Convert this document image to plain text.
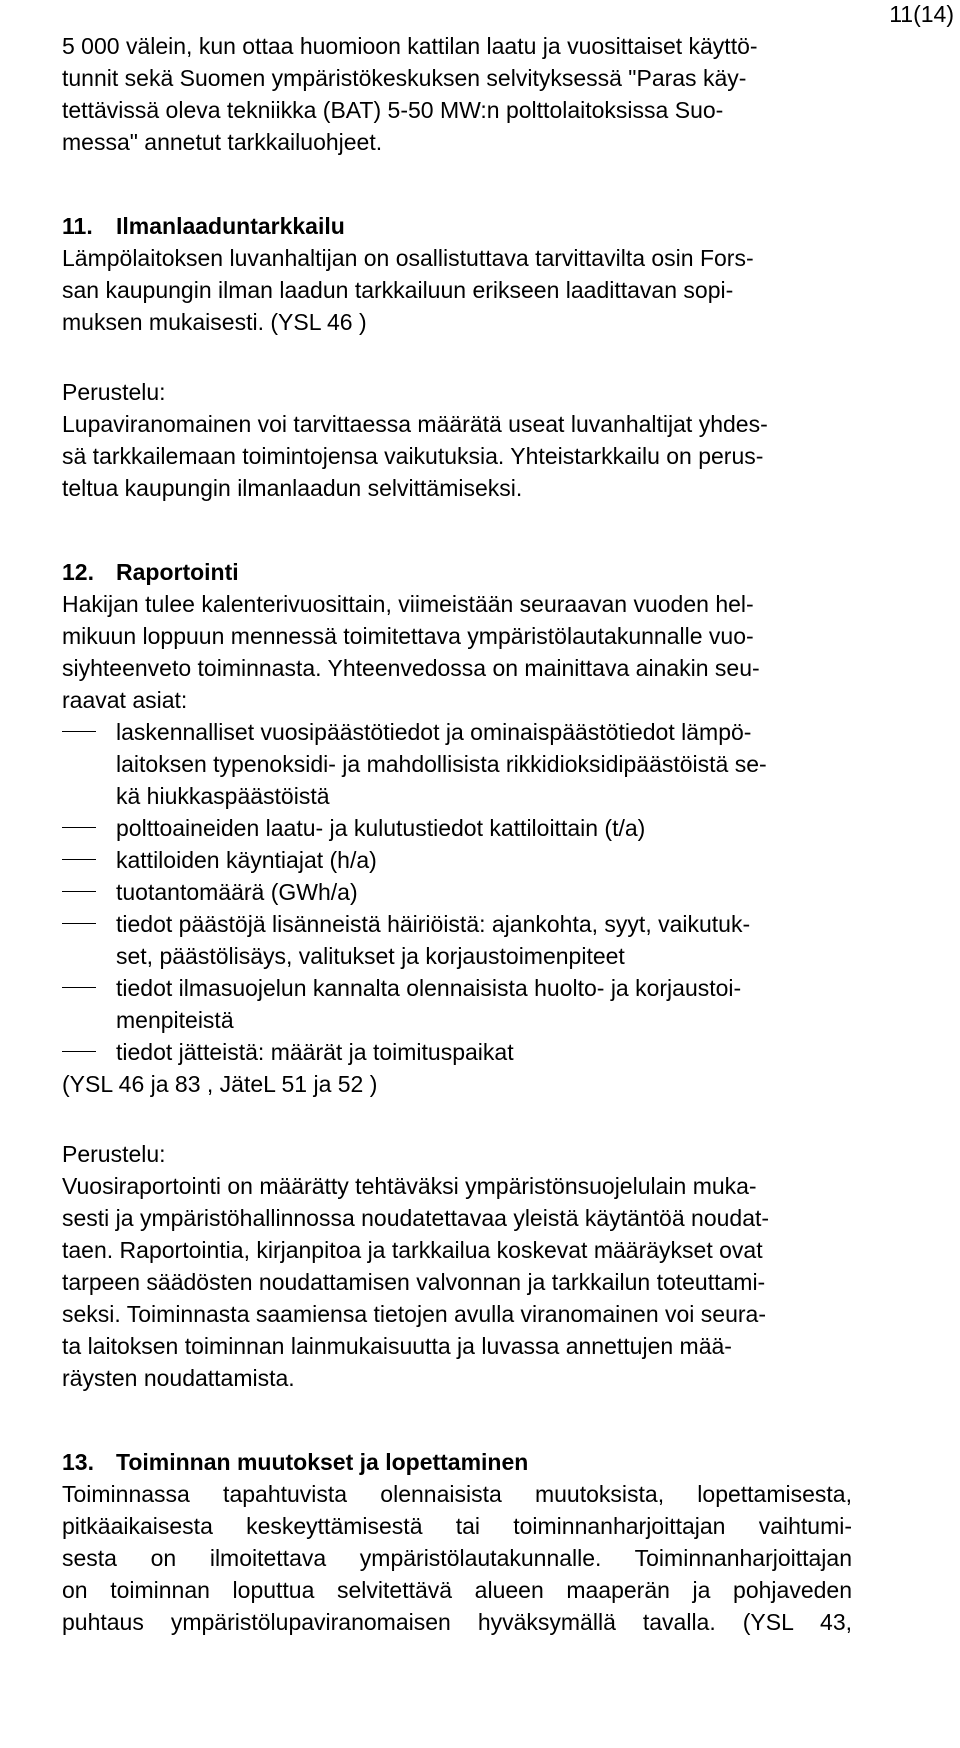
11(14)
5 000 välein, kun ottaa huomioon kattilan laatu ja vuosittaiset käyttö-
tunnit sekä Suomen ympäristökeskuksen selvityksessä "Paras käy-
tettävissä oleva tekniikka (BAT) 5-50 MW:n polttolaitoksissa Suo-
messa" annetut tarkkailuohjeet.
11. Ilmanlaaduntarkkailu
Lämpölaitoksen luvanhaltijan on osallistuttava tarvittavilta osin Fors-
san kaupungin ilman laadun tarkkailuun erikseen laadittavan sopi-
muksen mukaisesti. (YSL 46 )
Perustelu:
Lupaviranomainen voi tarvittaessa määrätä useat luvanhaltijat yhdes-
sä tarkkailemaan toimintojensa vaikutuksia. Yhteistarkkailu on perus-
teltua kaupungin ilmanlaadun selvittämiseksi.
12. Raportointi
Hakijan tulee kalenterivuosittain, viimeistään seuraavan vuoden hel-
mikuun loppuun mennessä toimitettava ympäristölautakunnalle vuo-
siyhteenveto toiminnasta. Yhteenvedossa on mainittava ainakin seu-
raavat asiat:
laskennalliset vuosipäästötiedot ja ominaispäästötiedot lämpö-
laitoksen typenoksidi- ja mahdollisista rikkidioksidipäästöistä se-
kä hiukkaspäästöistä
polttoaineiden laatu- ja kulutustiedot kattiloittain (t/a)
kattiloiden käyntiajat (h/a)
tuotantomäärä (GWh/a)
tiedot päästöjä lisänneistä häiriöistä: ajankohta, syyt, vaikutuk-
set, päästölisäys, valitukset ja korjaustoimenpiteet
tiedot ilmasuojelun kannalta olennaisista huolto- ja korjaustoi-
menpiteistä
tiedot jätteistä: määrät ja toimituspaikat
(YSL 46 ja 83 , JäteL 51 ja 52 )
Perustelu:
Vuosiraportointi on määrätty tehtäväksi ympäristönsuojelulain muka-
sesti ja ympäristöhallinnossa noudatettavaa yleistä käytäntöä noudat-
taen. Raportointia, kirjanpitoa ja tarkkailua koskevat määräykset ovat
tarpeen säädösten noudattamisen valvonnan ja tarkkailun toteuttami-
seksi. Toiminnasta saamiensa tietojen avulla viranomainen voi seura-
ta laitoksen toiminnan lainmukaisuutta ja luvassa annettujen mää-
räysten noudattamista.
13. Toiminnan muutokset ja lopettaminen
Toiminnassa tapahtuvista olennaisista muutoksista, lopettamisesta,
pitkäaikaisesta keskeyttämisestä tai toiminnanharjoittajan vaihtumi-
sesta on ilmoitettava ympäristölautakunnalle. Toiminnanharjoittajan
on toiminnan loputtua selvitettävä alueen maaperän ja pohjaveden
puhtaus ympäristölupaviranomaisen hyväksymällä tavalla. (YSL 43,
